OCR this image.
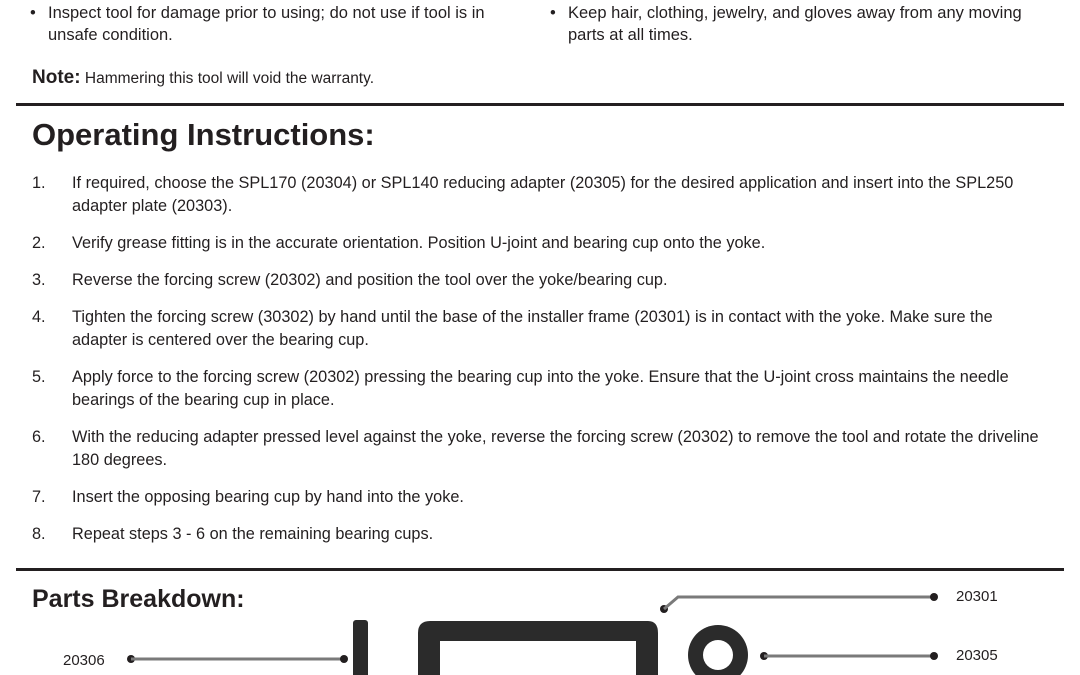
• Inspect tool for damage prior to using; do not use if tool is in unsafe condition.
• Keep hair, clothing, jewelry, and gloves away from any moving parts at all times.
Note: Hammering this tool will void the warranty.
Operating Instructions:
1.	If required, choose the SPL170 (20304) or SPL140 reducing adapter (20305) for the desired application and insert into the SPL250 adapter plate (20303).
2.	Verify grease fitting is in the accurate orientation. Position U-joint and bearing cup onto the yoke.
3.	Reverse the forcing screw (20302) and position the tool over the yoke/bearing cup.
4.	Tighten the forcing screw (30302) by hand until the base of the installer frame (20301) is in contact with the yoke. Make sure the adapter is centered over the bearing cup.
5.	Apply force to the forcing screw (20302) pressing the bearing cup into the yoke. Ensure that the U-joint cross maintains the needle bearings of the bearing cup in place.
6.	With the reducing adapter pressed level against the yoke, reverse the forcing screw (20302) to remove the tool and rotate the driveline 180 degrees.
7.	Insert the opposing bearing cup by hand into the yoke.
8.	Repeat steps 3 - 6 on the remaining bearing cups.
Parts Breakdown:	20301
20305
20306
